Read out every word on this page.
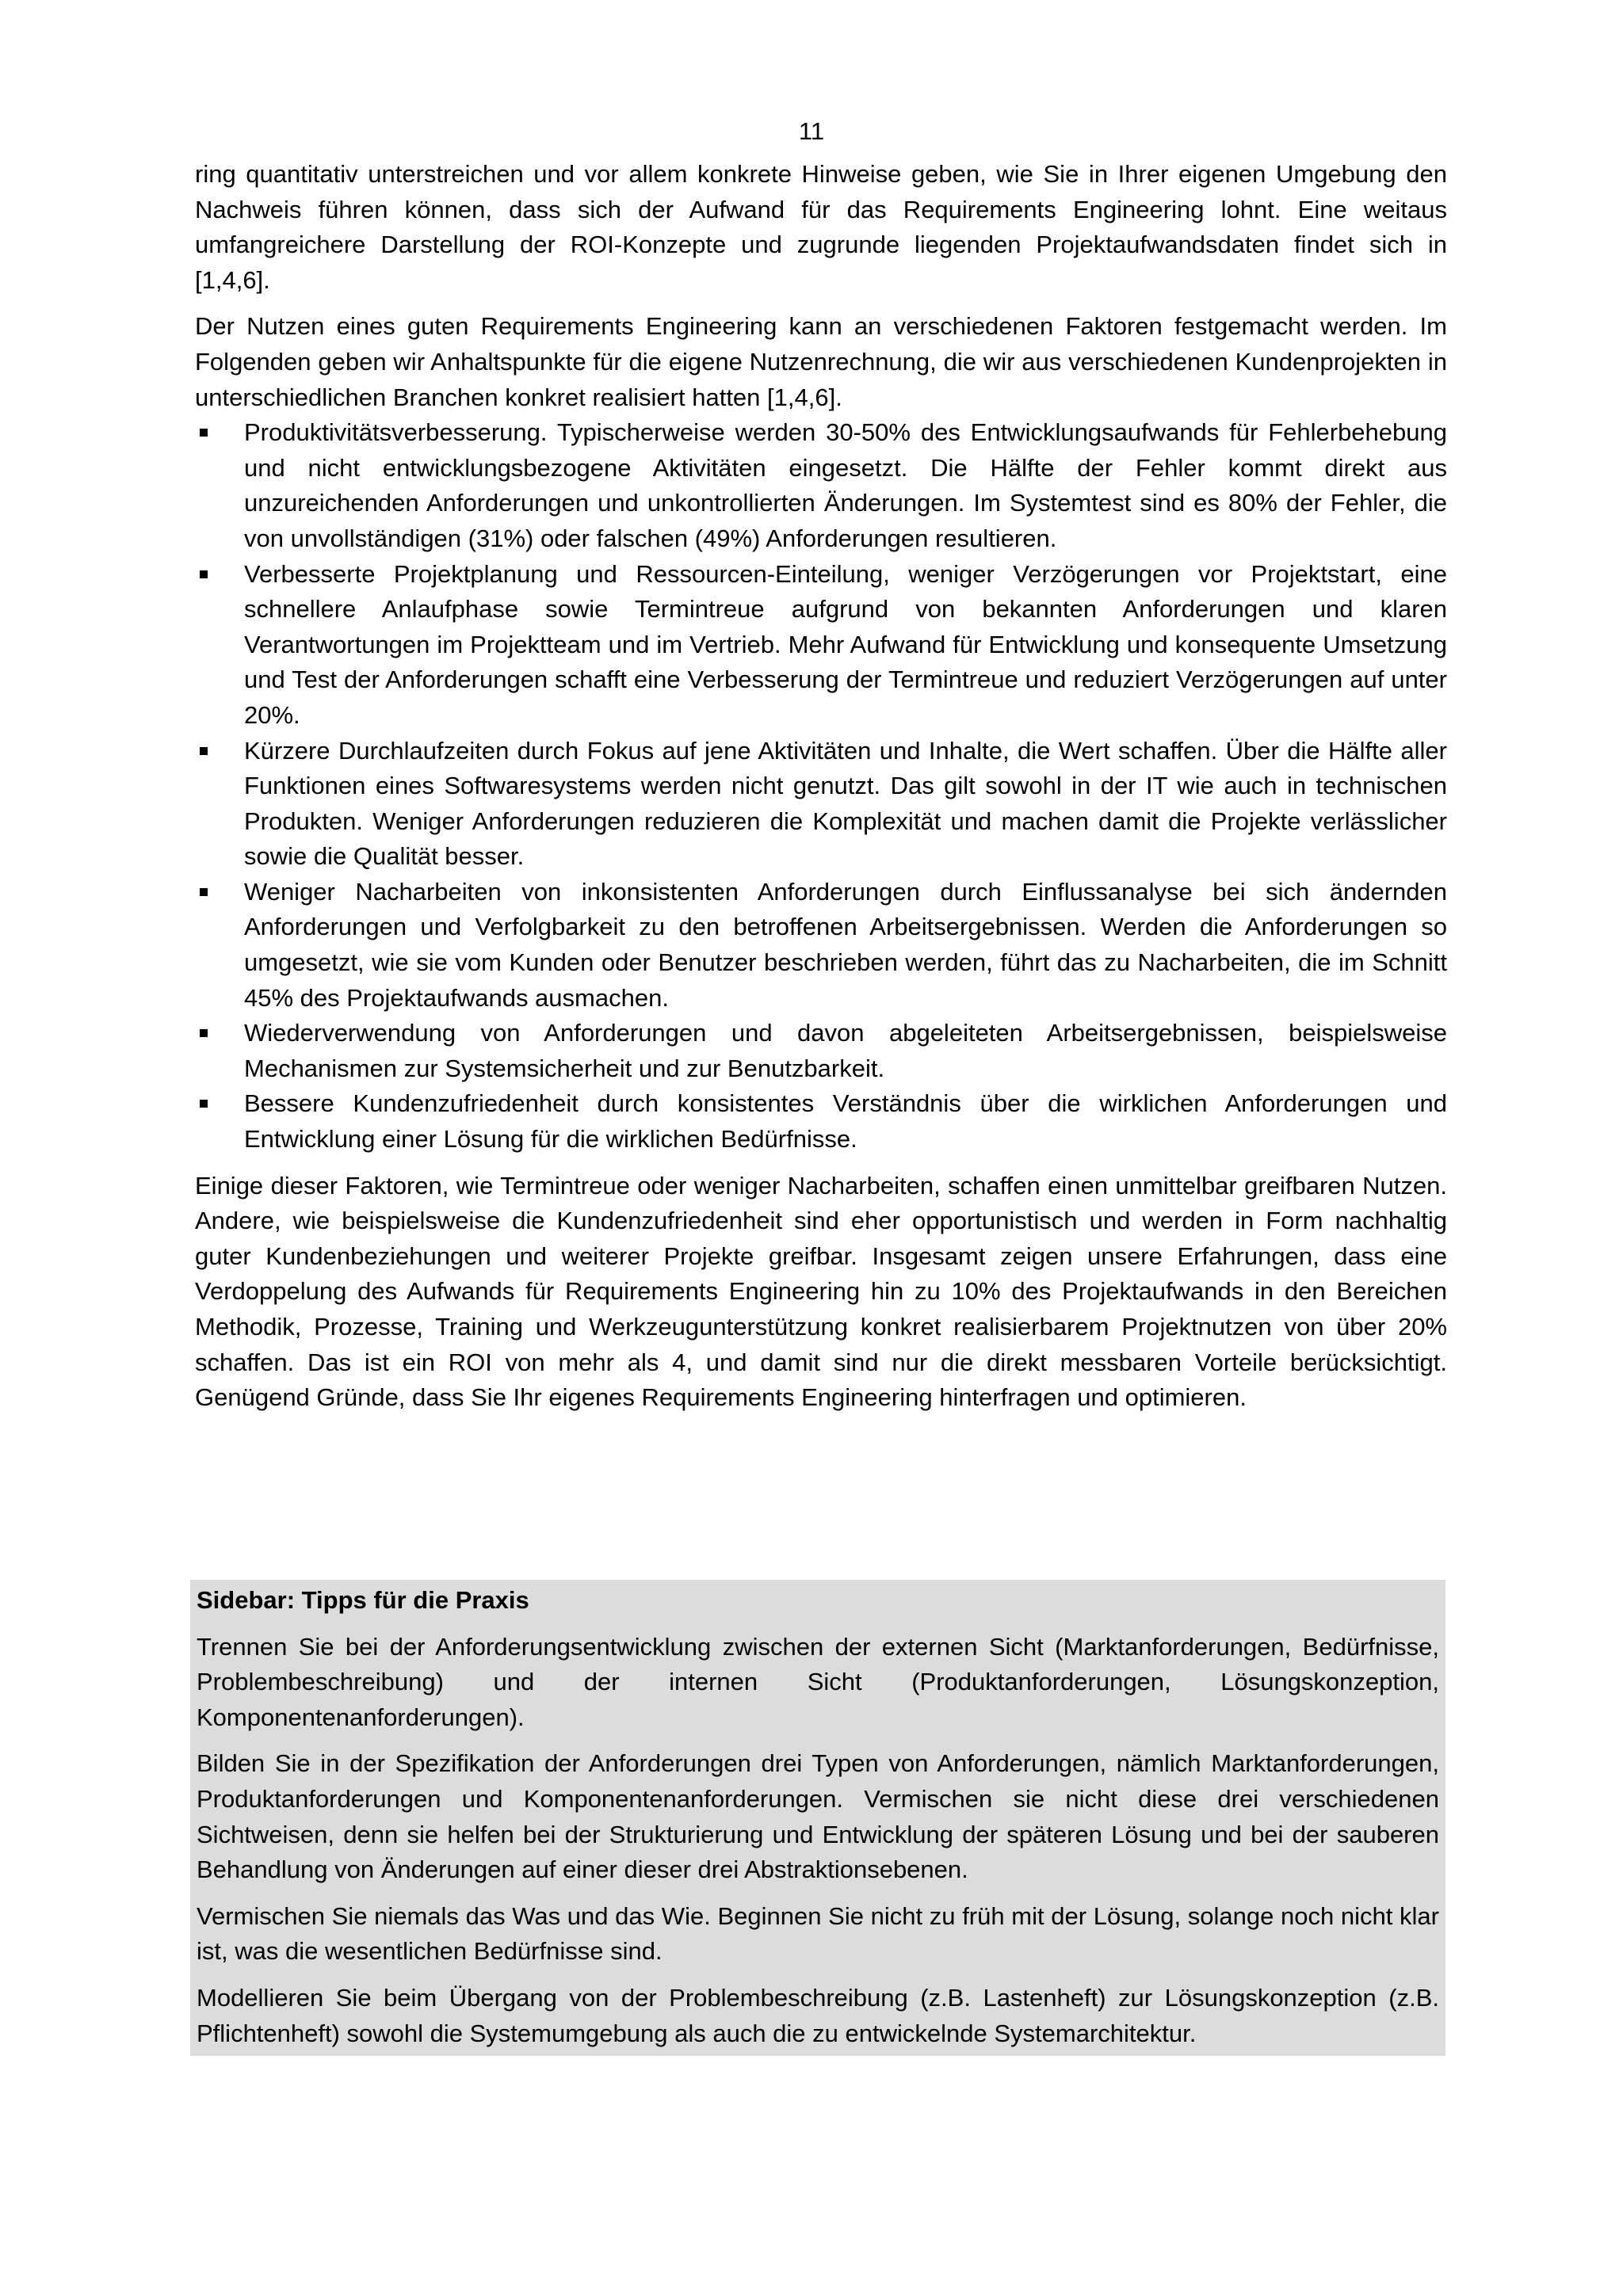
11

ring quantitativ unterstreichen und vor allem konkrete Hinweise geben, wie Sie in Ihrer eigenen Umgebung den Nachweis führen können, dass sich der Aufwand für das Requirements Engineering lohnt. Eine weitaus umfangreichere Darstellung der ROI-Konzepte und zugrunde liegenden Projektaufwandsdaten findet sich in [1,4,6].

Der Nutzen eines guten Requirements Engineering kann an verschiedenen Faktoren festgemacht werden. Im Folgenden geben wir Anhaltspunkte für die eigene Nutzenrechnung, die wir aus verschiedenen Kundenprojekten in unterschiedlichen Branchen konkret realisiert hatten [1,4,6].

Produktivitätsverbesserung. Typischerweise werden 30-50% des Entwicklungsaufwands für Fehlerbehebung und nicht entwicklungsbezogene Aktivitäten eingesetzt. Die Hälfte der Fehler kommt direkt aus unzureichenden Anforderungen und unkontrollierten Änderungen. Im Systemtest sind es 80% der Fehler, die von unvollständigen (31%) oder falschen (49%) Anforderungen resultieren.
Verbesserte Projektplanung und Ressourcen-Einteilung, weniger Verzögerungen vor Projektstart, eine schnellere Anlaufphase sowie Termintreue aufgrund von bekannten Anforderungen und klaren Verantwortungen im Projektteam und im Vertrieb. Mehr Aufwand für Entwicklung und konsequente Umsetzung und Test der Anforderungen schafft eine Verbesserung der Termintreue und reduziert Verzögerungen auf unter 20%.
Kürzere Durchlaufzeiten durch Fokus auf jene Aktivitäten und Inhalte, die Wert schaffen. Über die Hälfte aller Funktionen eines Softwaresystems werden nicht genutzt. Das gilt sowohl in der IT wie auch in technischen Produkten. Weniger Anforderungen reduzieren die Komplexität und machen damit die Projekte verlässlicher sowie die Qualität besser.
Weniger Nacharbeiten von inkonsistenten Anforderungen durch Einflussanalyse bei sich ändernden Anforderungen und Verfolgbarkeit zu den betroffenen Arbeitsergebnissen. Werden die Anforderungen so umgesetzt, wie sie vom Kunden oder Benutzer beschrieben werden, führt das zu Nacharbeiten, die im Schnitt 45% des Projektaufwands ausmachen.
Wiederverwendung von Anforderungen und davon abgeleiteten Arbeitsergebnissen, beispielsweise Mechanismen zur Systemsicherheit und zur Benutzbarkeit.
Bessere Kundenzufriedenheit durch konsistentes Verständnis über die wirklichen Anforderungen und Entwicklung einer Lösung für die wirklichen Bedürfnisse.

Einige dieser Faktoren, wie Termintreue oder weniger Nacharbeiten, schaffen einen unmittelbar greifbaren Nutzen. Andere, wie beispielsweise die Kundenzufriedenheit sind eher opportunistisch und werden in Form nachhaltig guter Kundenbeziehungen und weiterer Projekte greifbar. Insgesamt zeigen unsere Erfahrungen, dass eine Verdoppelung des Aufwands für Requirements Engineering hin zu 10% des Projektaufwands in den Bereichen Methodik, Prozesse, Training und Werkzeugunterstützung konkret realisierbarem Projektnutzen von über 20% schaffen. Das ist ein ROI von mehr als 4, und damit sind nur die direkt messbaren Vorteile berücksichtigt. Genügend Gründe, dass Sie Ihr eigenes Requirements Engineering hinterfragen und optimieren.

Sidebar: Tipps für die Praxis

Trennen Sie bei der Anforderungsentwicklung zwischen der externen Sicht (Marktanforderungen, Bedürfnisse, Problembeschreibung) und der internen Sicht (Produktanforderungen, Lösungskonzeption, Komponentenanforderungen).

Bilden Sie in der Spezifikation der Anforderungen drei Typen von Anforderungen, nämlich Marktanforderungen, Produktanforderungen und Komponentenanforderungen. Vermischen sie nicht diese drei verschiedenen Sichtweisen, denn sie helfen bei der Strukturierung und Entwicklung der späteren Lösung und bei der sauberen Behandlung von Änderungen auf einer dieser drei Abstraktionsebenen.

Vermischen Sie niemals das Was und das Wie. Beginnen Sie nicht zu früh mit der Lösung, solange noch nicht klar ist, was die wesentlichen Bedürfnisse sind.

Modellieren Sie beim Übergang von der Problembeschreibung (z.B. Lastenheft) zur Lösungskonzeption (z.B. Pflichtenheft) sowohl die Systemumgebung als auch die zu entwickelnde Systemarchitektur.
